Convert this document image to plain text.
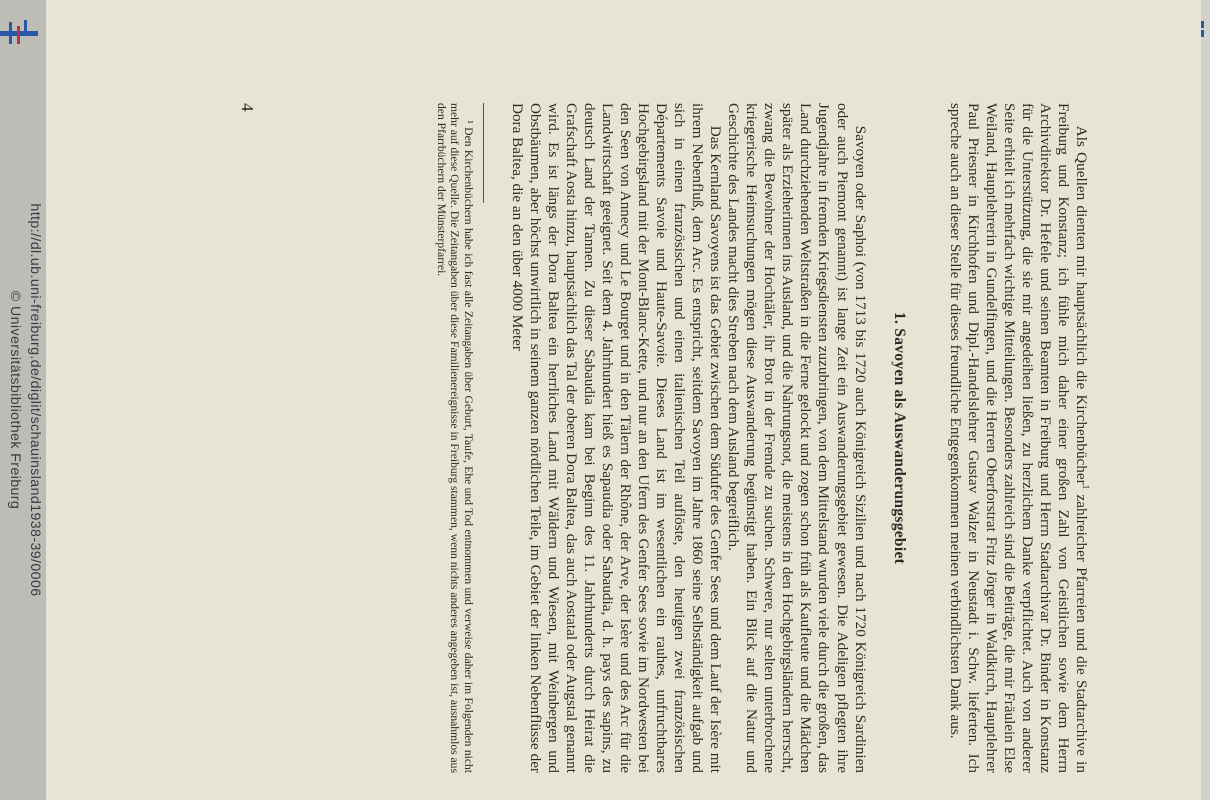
http://dl.ub.uni-freiburg.de/diglit/schauinsland1938-39/0006
© Universitätsbibliothek Freiburg	Als Quellen dienten mir hauptsächlich die Kirchenbücher$^1$ zahlreicher Pfarreien und die Stadtarchive in Freiburg und Konstanz; ich fühle mich daher einer großen Zahl von Geistlichen sowie dem Herrn Archivdirektor Dr. Hefele und seinen Beamten in Freiburg und Herrn Stadtarchivar Dr. Binder in Konstanz für die Unterstützung, die sie mir angedeihen ließen, zu herzlichem Danke verpflichtet. Auch von anderer Seite erhielt ich mehrfach wichtige Mitteilungen. Besonders zahlreich sind die Beiträge, die mir Fräulein Else Weiland, Hauptlehrerin in Gundelfingen, und die Herren Oberforstrat Fritz Jörger in Waldkirch, Hauptlehrer Paul Priesner in Kirchhofen und Dipl.-Handelslehrer Gustav Walzer in Neustadt i. Schw. lieferten. Ich spreche auch an dieser Stelle für dieses freundliche Entgegenkommen meinen verbindlichsten Dank aus.

1. Savoyen als Auswanderungsgebiet

Savoyen oder Saphoi (von 1713 bis 1720 auch Königreich Sizilien und nach 1720 Königreich Sardinien oder auch Piemont genannt) ist lange Zeit ein Auswanderungsgebiet gewesen. Die Adeligen pflegten ihre Jugendjahre in fremden Kriegsdiensten zuzubringen, von dem Mittelstand wurden viele durch die großen, das Land durchziehenden Weltstraßen in die Ferne gelockt und zogen schon früh als Kaufleute und die Mädchen später als Erzieherinnen ins Ausland, und die Nahrungsnot, die meistens in den Hochgebirgsländern herrscht, zwang die Bewohner der Hochtäler, ihr Brot in der Fremde zu suchen. Schwere, nur selten unterbrochene kriegerische Heimsuchungen mögen diese Auswanderung begünstigt haben. Ein Blick auf die Natur und Geschichte des Landes macht dies Streben nach dem Ausland begreiflich.

Das Kernland Savoyens ist das Gebiet zwischen dem Südufer des Genfer Sees und dem Lauf der Isère mit ihrem Nebenfluß, dem Arc. Es entspricht, seitdem Savoyen im Jahre 1860 seine Selbständigkeit aufgab und sich in einen französischen und einen italienischen Teil auflöste, den heutigen zwei französischen Départements Savoie und Haute-Savoie. Dieses Land ist im wesentlichen ein rauhes, unfruchtbares Hochgebirgsland mit der Mont-Blanc-Kette, und nur an den Ufern des Genfer Sees sowie im Nordwesten bei den Seen von Annecy und Le Bourget und in den Tälern der Rhône, der Arve, der Isère und des Arc für die Landwirtschaft geeignet. Seit dem 4. Jahrhundert hieß es Sapaudia oder Sabaudia, d. h. pays des sapins, zu deutsch Land der Tannen. Zu dieser Sabaudia kam bei Beginn des 11. Jahrhunderts durch Heirat die Grafschaft Aosta hinzu, hauptsächlich das Tal der oberen Dora Baltea, das auch Aostatal oder Augstal genannt wird. Es ist längs der Dora Baltea ein herrliches Land mit Wäldern und Wiesen, mit Weinbergen und Obstbäumen, aber höchst unwirtlich in seinem ganzen nördlichen Teile, im Gebiet der linken Nebenflüsse der Dora Baltea, die an den über 4000 Meter

¹ Den Kirchenbüchern habe ich fast alle Zeitangaben über Geburt, Taufe, Ehe und Tod entnommen und verweise daher im Folgenden nicht mehr auf diese Quelle. Die Zeitangaben über diese Familienereignisse in Freiburg stammen, wenn nichts anderes angegeben ist, ausnahmlos aus den Pfarrbüchern der Münsterpfarrei.

4
